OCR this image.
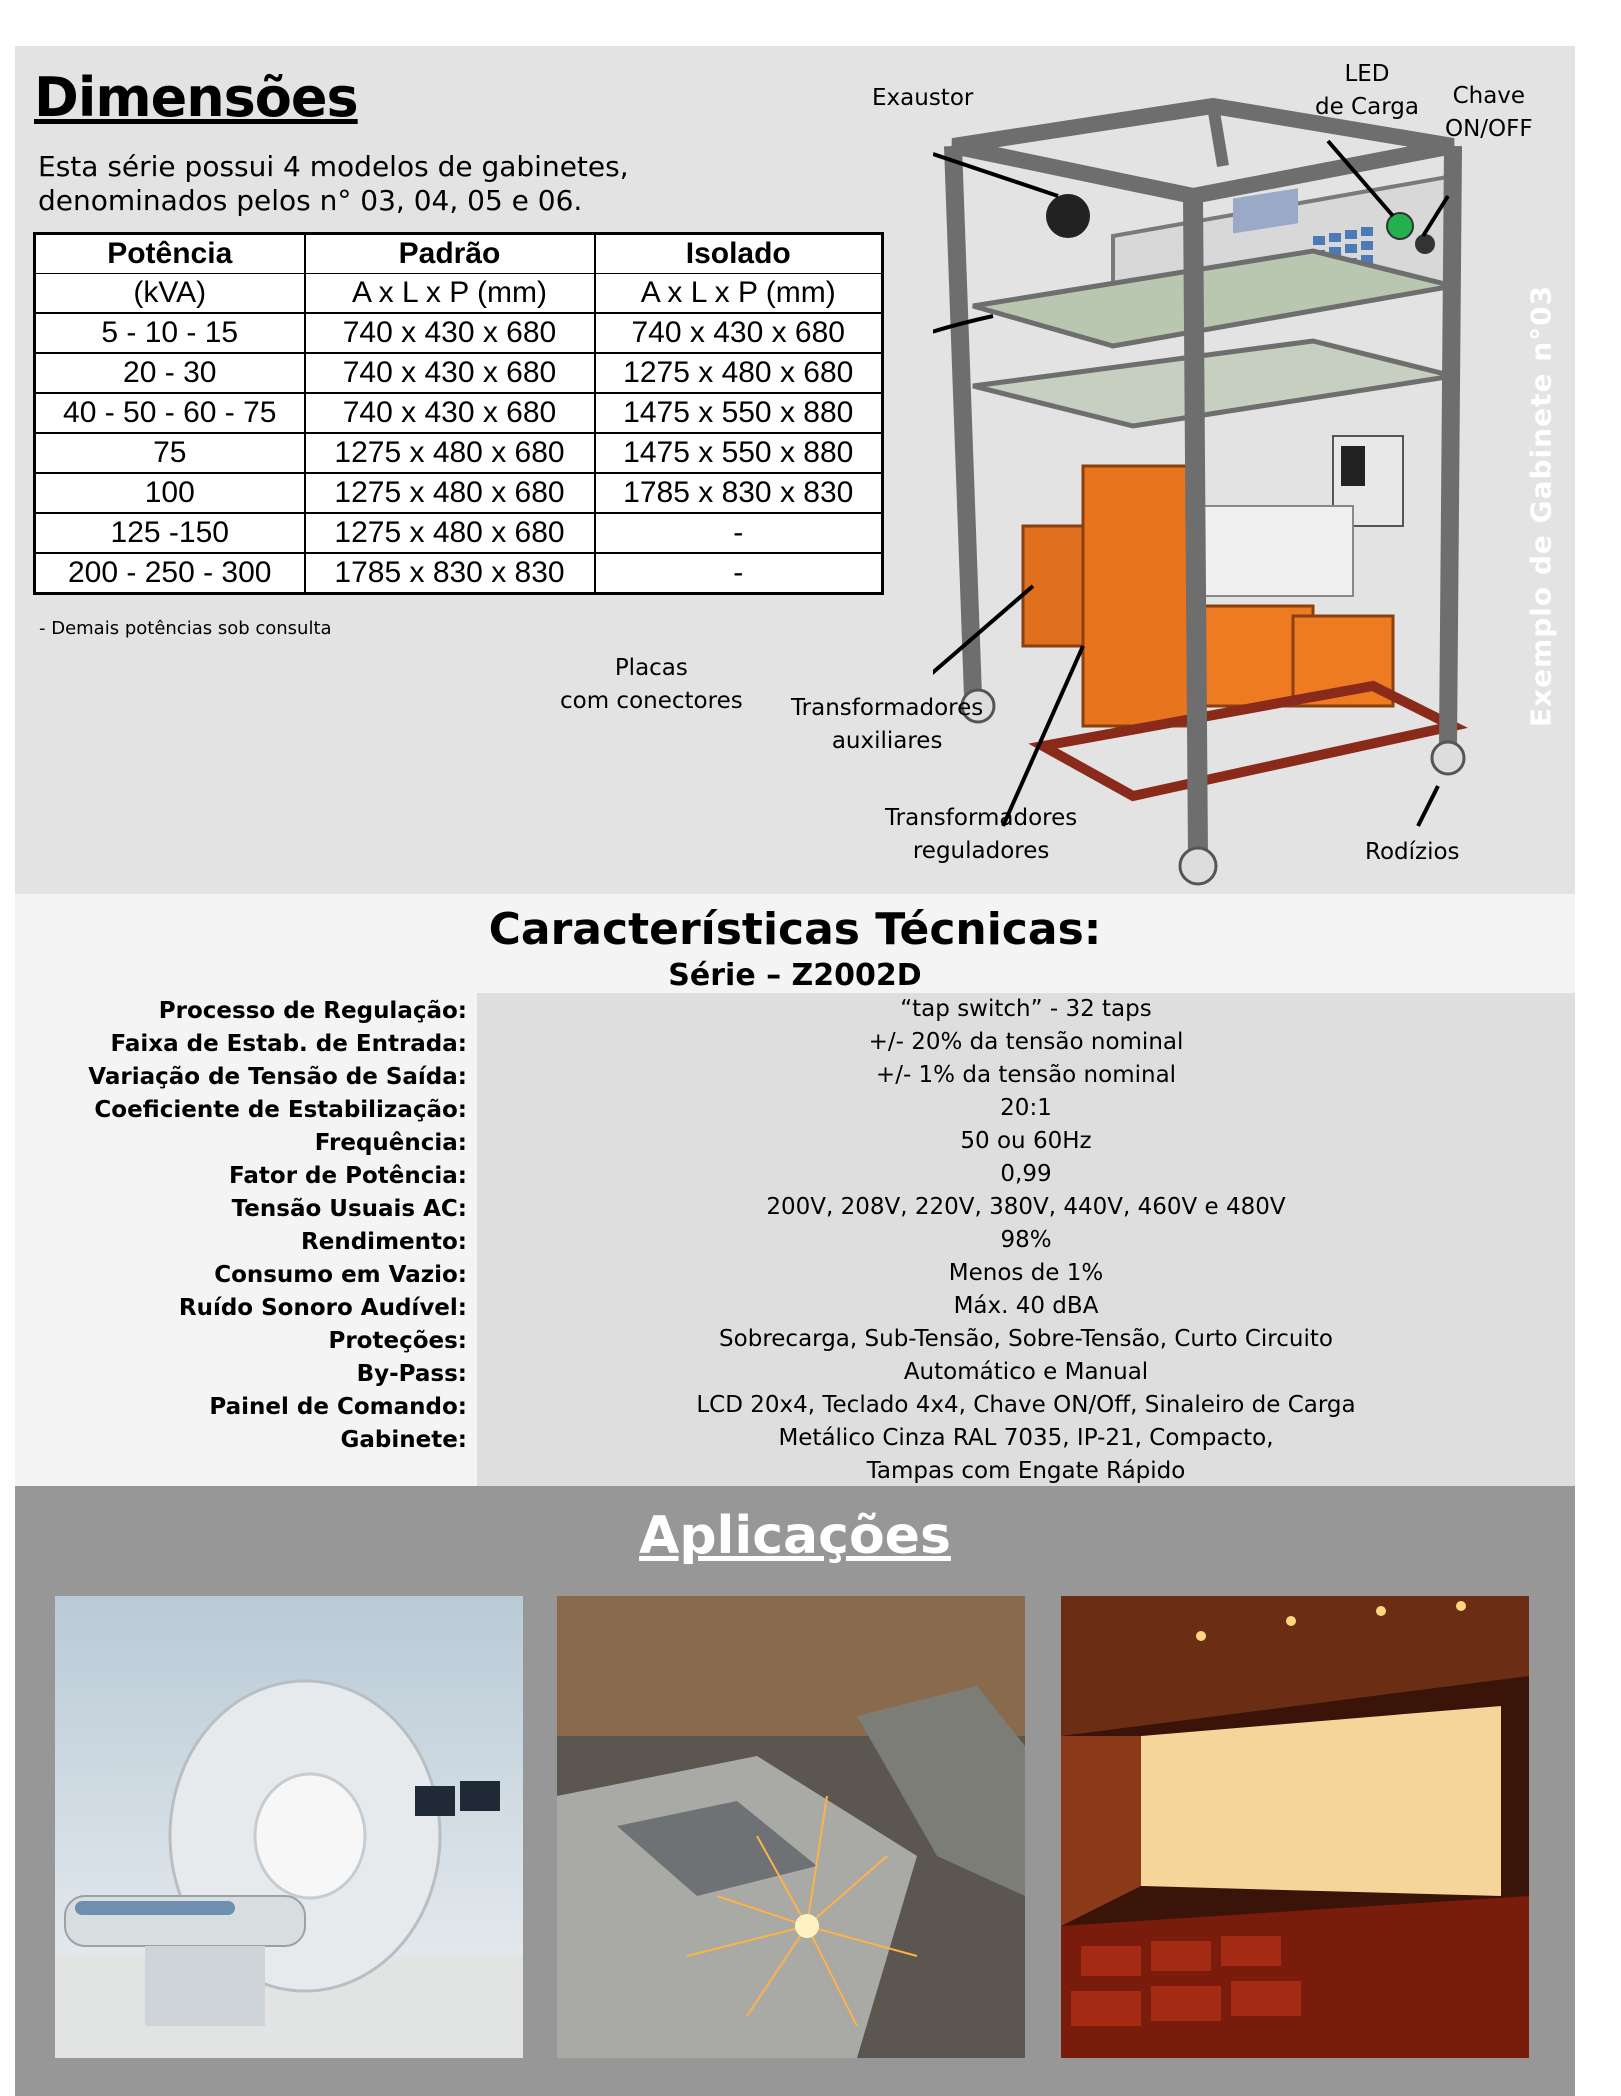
Dimensões
Esta série possui 4 modelos de gabinetes,
denominados pelos n° 03, 04, 05 e 06.
Potência	Padrão	Isolado
(kVA)	A x L x P (mm)	A x L x P (mm)
5 - 10 - 15	740 x 430 x 680	740 x 430 x 680
20 - 30	740 x 430 x 680	1275 x 480 x 680
40 - 50 - 60 - 75	740 x 430 x 680	1475 x 550 x 880
75	1275 x 480 x 680	1475 x 550 x 880
100	1275 x 480 x 680	1785 x 830 x 830
125 -150	1275 x 480 x 680	-
200 - 250 - 300	1785 x 830 x 830	-
- Demais potências sob consulta
Exaustor
LED
de Carga	Chave
ON/OFF
Placas
com conectores Transformadores
auxiliares
Transformadores
reguladores	Rodízios
Exemplo de Gabinete n°03
Características Técnicas:
Série – Z2002D
Processo de Regulação:	“tap switch” - 32 taps
Faixa de Estab. de Entrada:	+/- 20% da tensão nominal
Variação de Tensão de Saída:	+/- 1% da tensão nominal
Coeficiente de Estabilização:	20:1
Frequência:	50 ou 60Hz
Fator de Potência:	0,99
Tensão Usuais AC:	200V, 208V, 220V, 380V, 440V, 460V e 480V
Rendimento:	98%
Consumo em Vazio:	Menos de 1%
Ruído Sonoro Audível:	Máx. 40 dBA
Proteções:	Sobrecarga, Sub-Tensão, Sobre-Tensão, Curto Circuito
By-Pass:	Automático e Manual
Painel de Comando:	LCD 20x4, Teclado 4x4, Chave ON/Off, Sinaleiro de Carga
Gabinete:	Metálico Cinza RAL 7035, IP-21, Compacto,
Tampas com Engate Rápido
Aplicações
